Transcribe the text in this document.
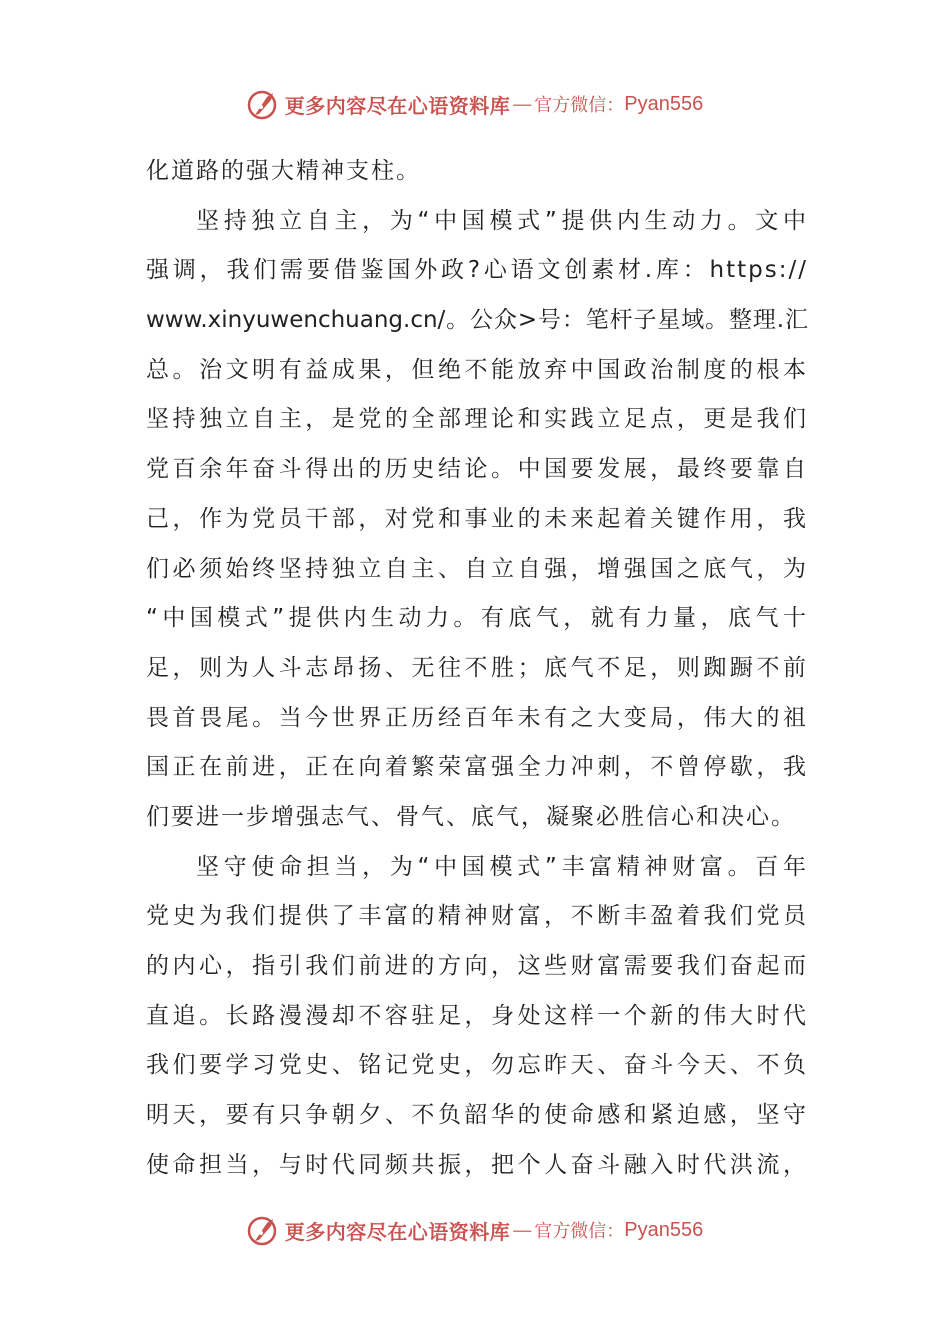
更多内容尽在心语资料库 — 官方微信： Pyan556
化道路的强大精神支柱。
坚持独立自主，为“中国模式”提供内生动力。文中
强调，我们需要借鉴国外政?心语文创素材.库：https://
www.xinyuwenchuang.cn/。公众>号：笔杆子星域。整理.汇
总。治文明有益成果，但绝不能放弃中国政治制度的根本
坚持独立自主，是党的全部理论和实践立足点，更是我们
党百余年奋斗得出的历史结论。中国要发展，最终要靠自
己，作为党员干部，对党和事业的未来起着关键作用，我
们必须始终坚持独立自主、自立自强，增强国之底气，为
“中国模式”提供内生动力。有底气，就有力量，底气十
足，则为人斗志昂扬、无往不胜；底气不足，则踟蹰不前
畏首畏尾。当今世界正历经百年未有之大变局，伟大的祖
国正在前进，正在向着繁荣富强全力冲刺，不曾停歇，我
们要进一步增强志气、骨气、底气，凝聚必胜信心和决心。
坚守使命担当，为“中国模式”丰富精神财富。百年
党史为我们提供了丰富的精神财富，不断丰盈着我们党员
的内心，指引我们前进的方向，这些财富需要我们奋起而
直追。长路漫漫却不容驻足，身处这样一个新的伟大时代
我们要学习党史、铭记党史，勿忘昨天、奋斗今天、不负
明天，要有只争朝夕、不负韶华的使命感和紧迫感，坚守
使命担当，与时代同频共振，把个人奋斗融入时代洪流，
更多内容尽在心语资料库 — 官方微信： Pyan556
